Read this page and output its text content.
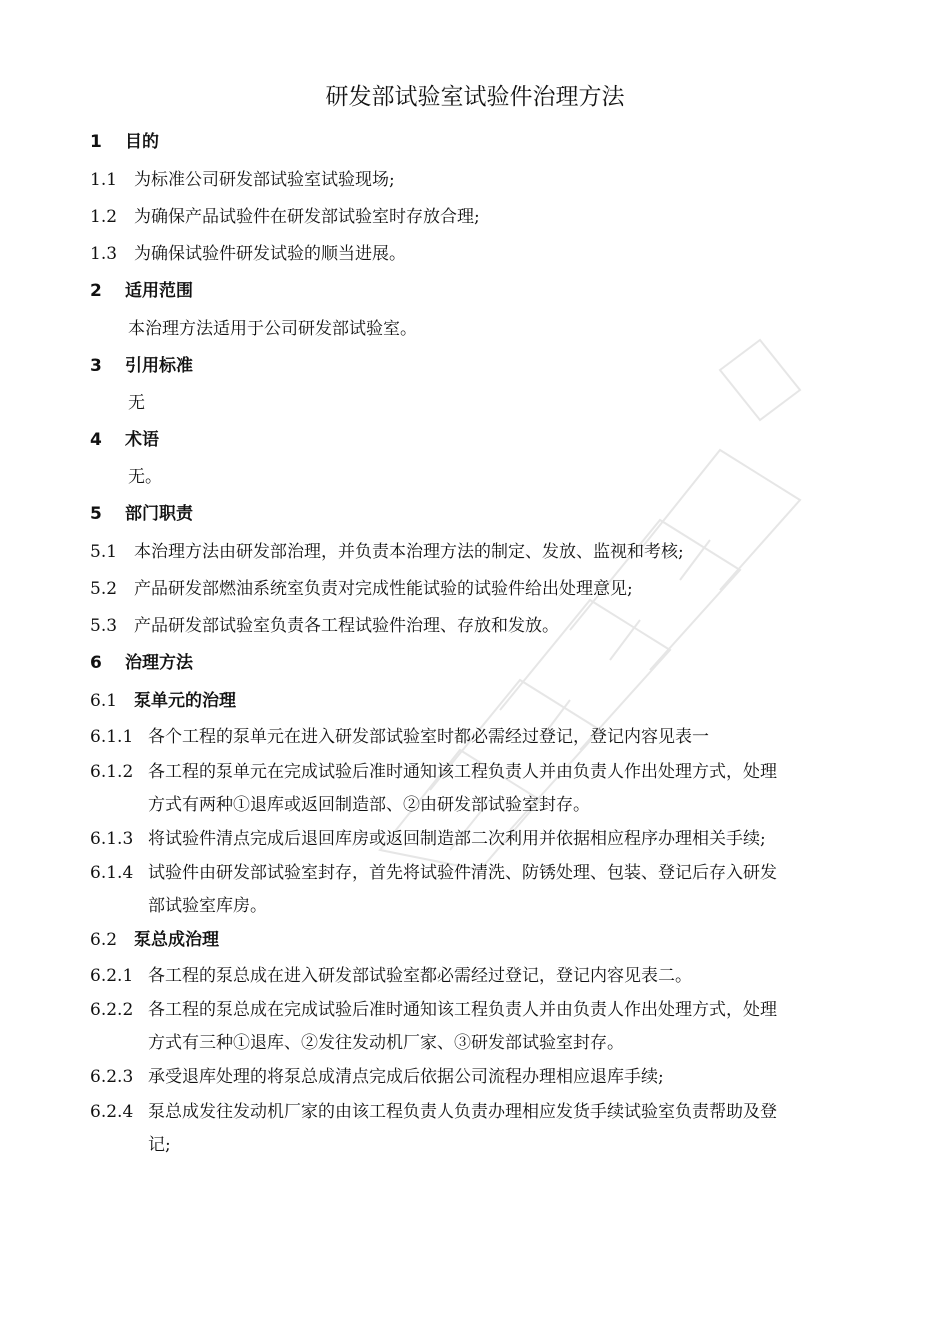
研发部试验室试验件治理方法
1 目的
1.1 为标准公司研发部试验室试验现场;
1.2 为确保产品试验件在研发部试验室时存放合理;
1.3 为确保试验件研发试验的顺当进展。
2 适用范围
本治理方法适用于公司研发部试验室。
3 引用标准
无
4 术语
无。
5 部门职责
5.1 本治理方法由研发部治理，并负责本治理方法的制定、发放、监视和考核;
5.2 产品研发部燃油系统室负责对完成性能试验的试验件给出处理意见;
5.3 产品研发部试验室负责各工程试验件治理、存放和发放。
6 治理方法
6.1 泵单元的治理
6.1.1 各个工程的泵单元在进入研发部试验室时都必需经过登记，登记内容见表一
6.1.2 各工程的泵单元在完成试验后准时通知该工程负责人并由负责人作出处理方式，处理
方式有两种①退库或返回制造部、②由研发部试验室封存。
6.1.3 将试验件清点完成后退回库房或返回制造部二次利用并依据相应程序办理相关手续;
6.1.4 试验件由研发部试验室封存，首先将试验件清洗、防锈处理、包装、登记后存入研发
部试验室库房。
6.2 泵总成治理
6.2.1 各工程的泵总成在进入研发部试验室都必需经过登记，登记内容见表二。
6.2.2 各工程的泵总成在完成试验后准时通知该工程负责人并由负责人作出处理方式，处理
方式有三种①退库、②发往发动机厂家、③研发部试验室封存。
6.2.3 承受退库处理的将泵总成清点完成后依据公司流程办理相应退库手续;
6.2.4 泵总成发往发动机厂家的由该工程负责人负责办理相应发货手续试验室负责帮助及登
记;
